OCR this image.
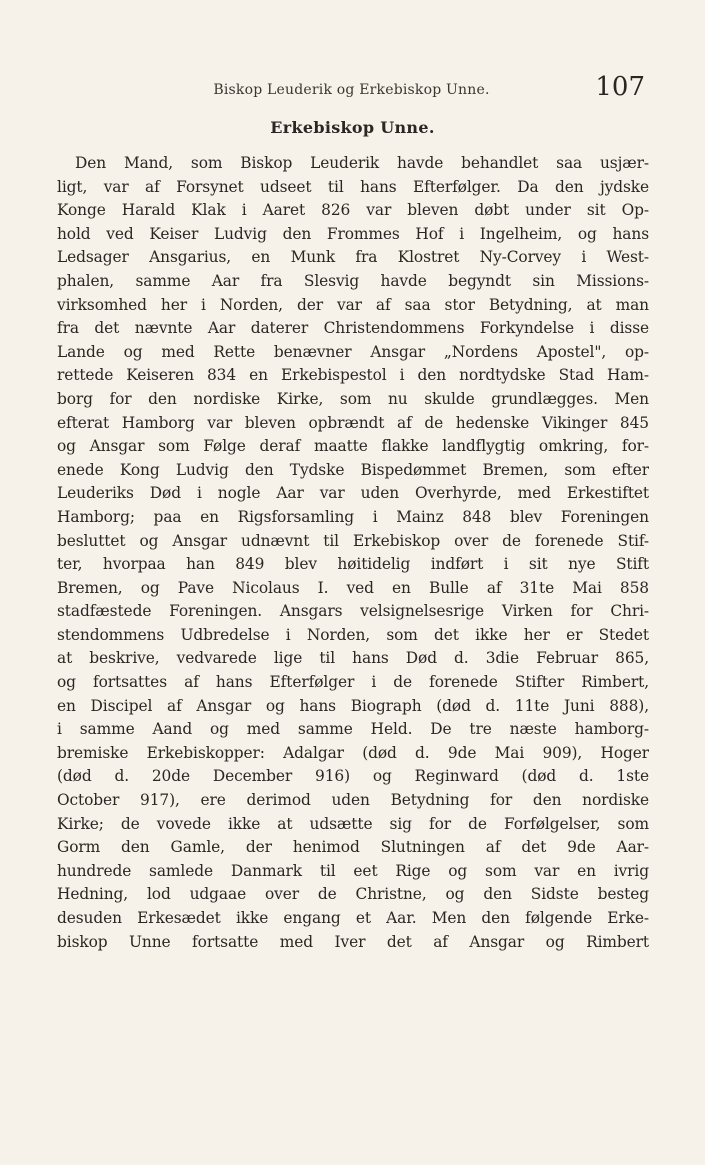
Biskop Leuderik og Erkebiskop Unne.	107
Erkebiskop Unne.
Den Mand, som Biskop Leuderik havde behandlet saa usjær-
ligt, var af Forsynet udseet til hans Efterfølger. Da den jydske
Konge Harald Klak i Aaret 826 var bleven døbt under sit Op-
hold ved Keiser Ludvig den Frommes Hof i Ingelheim, og hans
Ledsager Ansgarius, en Munk fra Klostret Ny-Corvey i West-
phalen, samme Aar fra Slesvig havde begyndt sin Missions-
virksomhed her i Norden, der var af saa stor Betydning, at man
fra det nævnte Aar daterer Christendommens Forkyndelse i disse
Lande og med Rette benævner Ansgar „Nordens Apostel", op-
rettede Keiseren 834 en Erkebispestol i den nordtydske Stad Ham-
borg for den nordiske Kirke, som nu skulde grundlægges. Men
efterat Hamborg var bleven opbrændt af de hedenske Vikinger 845
og Ansgar som Følge deraf maatte flakke landflygtig omkring, for-
enede Kong Ludvig den Tydske Bispedømmet Bremen, som efter
Leuderiks Død i nogle Aar var uden Overhyrde, med Erkestiftet
Hamborg; paa en Rigsforsamling i Mainz 848 blev Foreningen
besluttet og Ansgar udnævnt til Erkebiskop over de forenede Stif-
ter, hvorpaa han 849 blev høitidelig indført i sit nye Stift
Bremen, og Pave Nicolaus I. ved en Bulle af 31te Mai 858
stadfæstede Foreningen. Ansgars velsignelsesrige Virken for Chri-
stendommens Udbredelse i Norden, som det ikke her er Stedet
at beskrive, vedvarede lige til hans Død d. 3die Februar 865,
og fortsattes af hans Efterfølger i de forenede Stifter Rimbert,
en Discipel af Ansgar og hans Biograph (død d. 11te Juni 888),
i samme Aand og med samme Held. De tre næste hamborg-
bremiske Erkebiskopper: Adalgar (død d. 9de Mai 909), Hoger
(død d. 20de December 916) og Reginward (død d. 1ste
October 917), ere derimod uden Betydning for den nordiske
Kirke; de vovede ikke at udsætte sig for de Forfølgelser, som
Gorm den Gamle, der henimod Slutningen af det 9de Aar-
hundrede samlede Danmark til eet Rige og som var en ivrig
Hedning, lod udgaae over de Christne, og den Sidste besteg
desuden Erkesædet ikke engang et Aar. Men den følgende Erke-
biskop Unne fortsatte med Iver det af Ansgar og Rimbert
